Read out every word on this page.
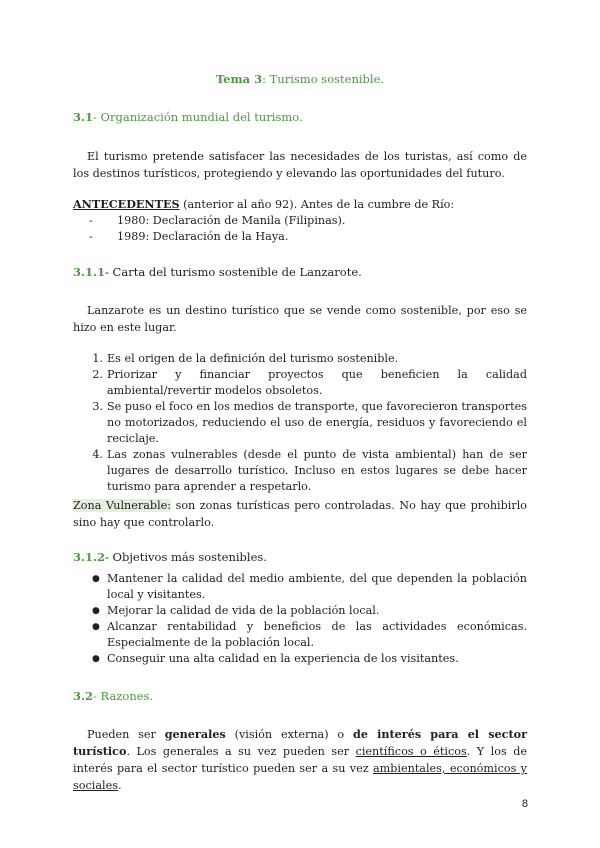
Tema 3: Turismo sostenible.
3.1- Organización mundial del turismo.
El turismo pretende satisfacer las necesidades de los turistas, así como de los destinos turísticos, protegiendo y elevando las oportunidades del futuro.
ANTECEDENTES (anterior al año 92). Antes de la cumbre de Río:
- 1980: Declaración de Manila (Filipinas).
- 1989: Declaración de la Haya.
3.1.1- Carta del turismo sostenible de Lanzarote.
Lanzarote es un destino turístico que se vende como sostenible, por eso se hizo en este lugar.
1. Es el origen de la definición del turismo sostenible.
2. Priorizar y financiar proyectos que beneficien la calidad ambiental/revertir modelos obsoletos.
3. Se puso el foco en los medios de transporte, que favorecieron transportes no motorizados, reduciendo el uso de energía, residuos y favoreciendo el reciclaje.
4. Las zonas vulnerables (desde el punto de vista ambiental) han de ser lugares de desarrollo turístico. Incluso en estos lugares se debe hacer turismo para aprender a respetarlo.
Zona Vulnerable: son zonas turísticas pero controladas. No hay que prohibirlo sino hay que controlarlo.
3.1.2- Objetivos más sostenibles.
● Mantener la calidad del medio ambiente, del que dependen la población local y visitantes.
● Mejorar la calidad de vida de la población local.
● Alcanzar rentabilidad y beneficios de las actividades económicas. Especialmente de la población local.
● Conseguir una alta calidad en la experiencia de los visitantes.
3.2- Razones.
Pueden ser generales (visión externa) o de interés para el sector turístico. Los generales a su vez pueden ser científicos o éticos. Y los de interés para el sector turístico pueden ser a su vez ambientales, económicos y sociales.
8
